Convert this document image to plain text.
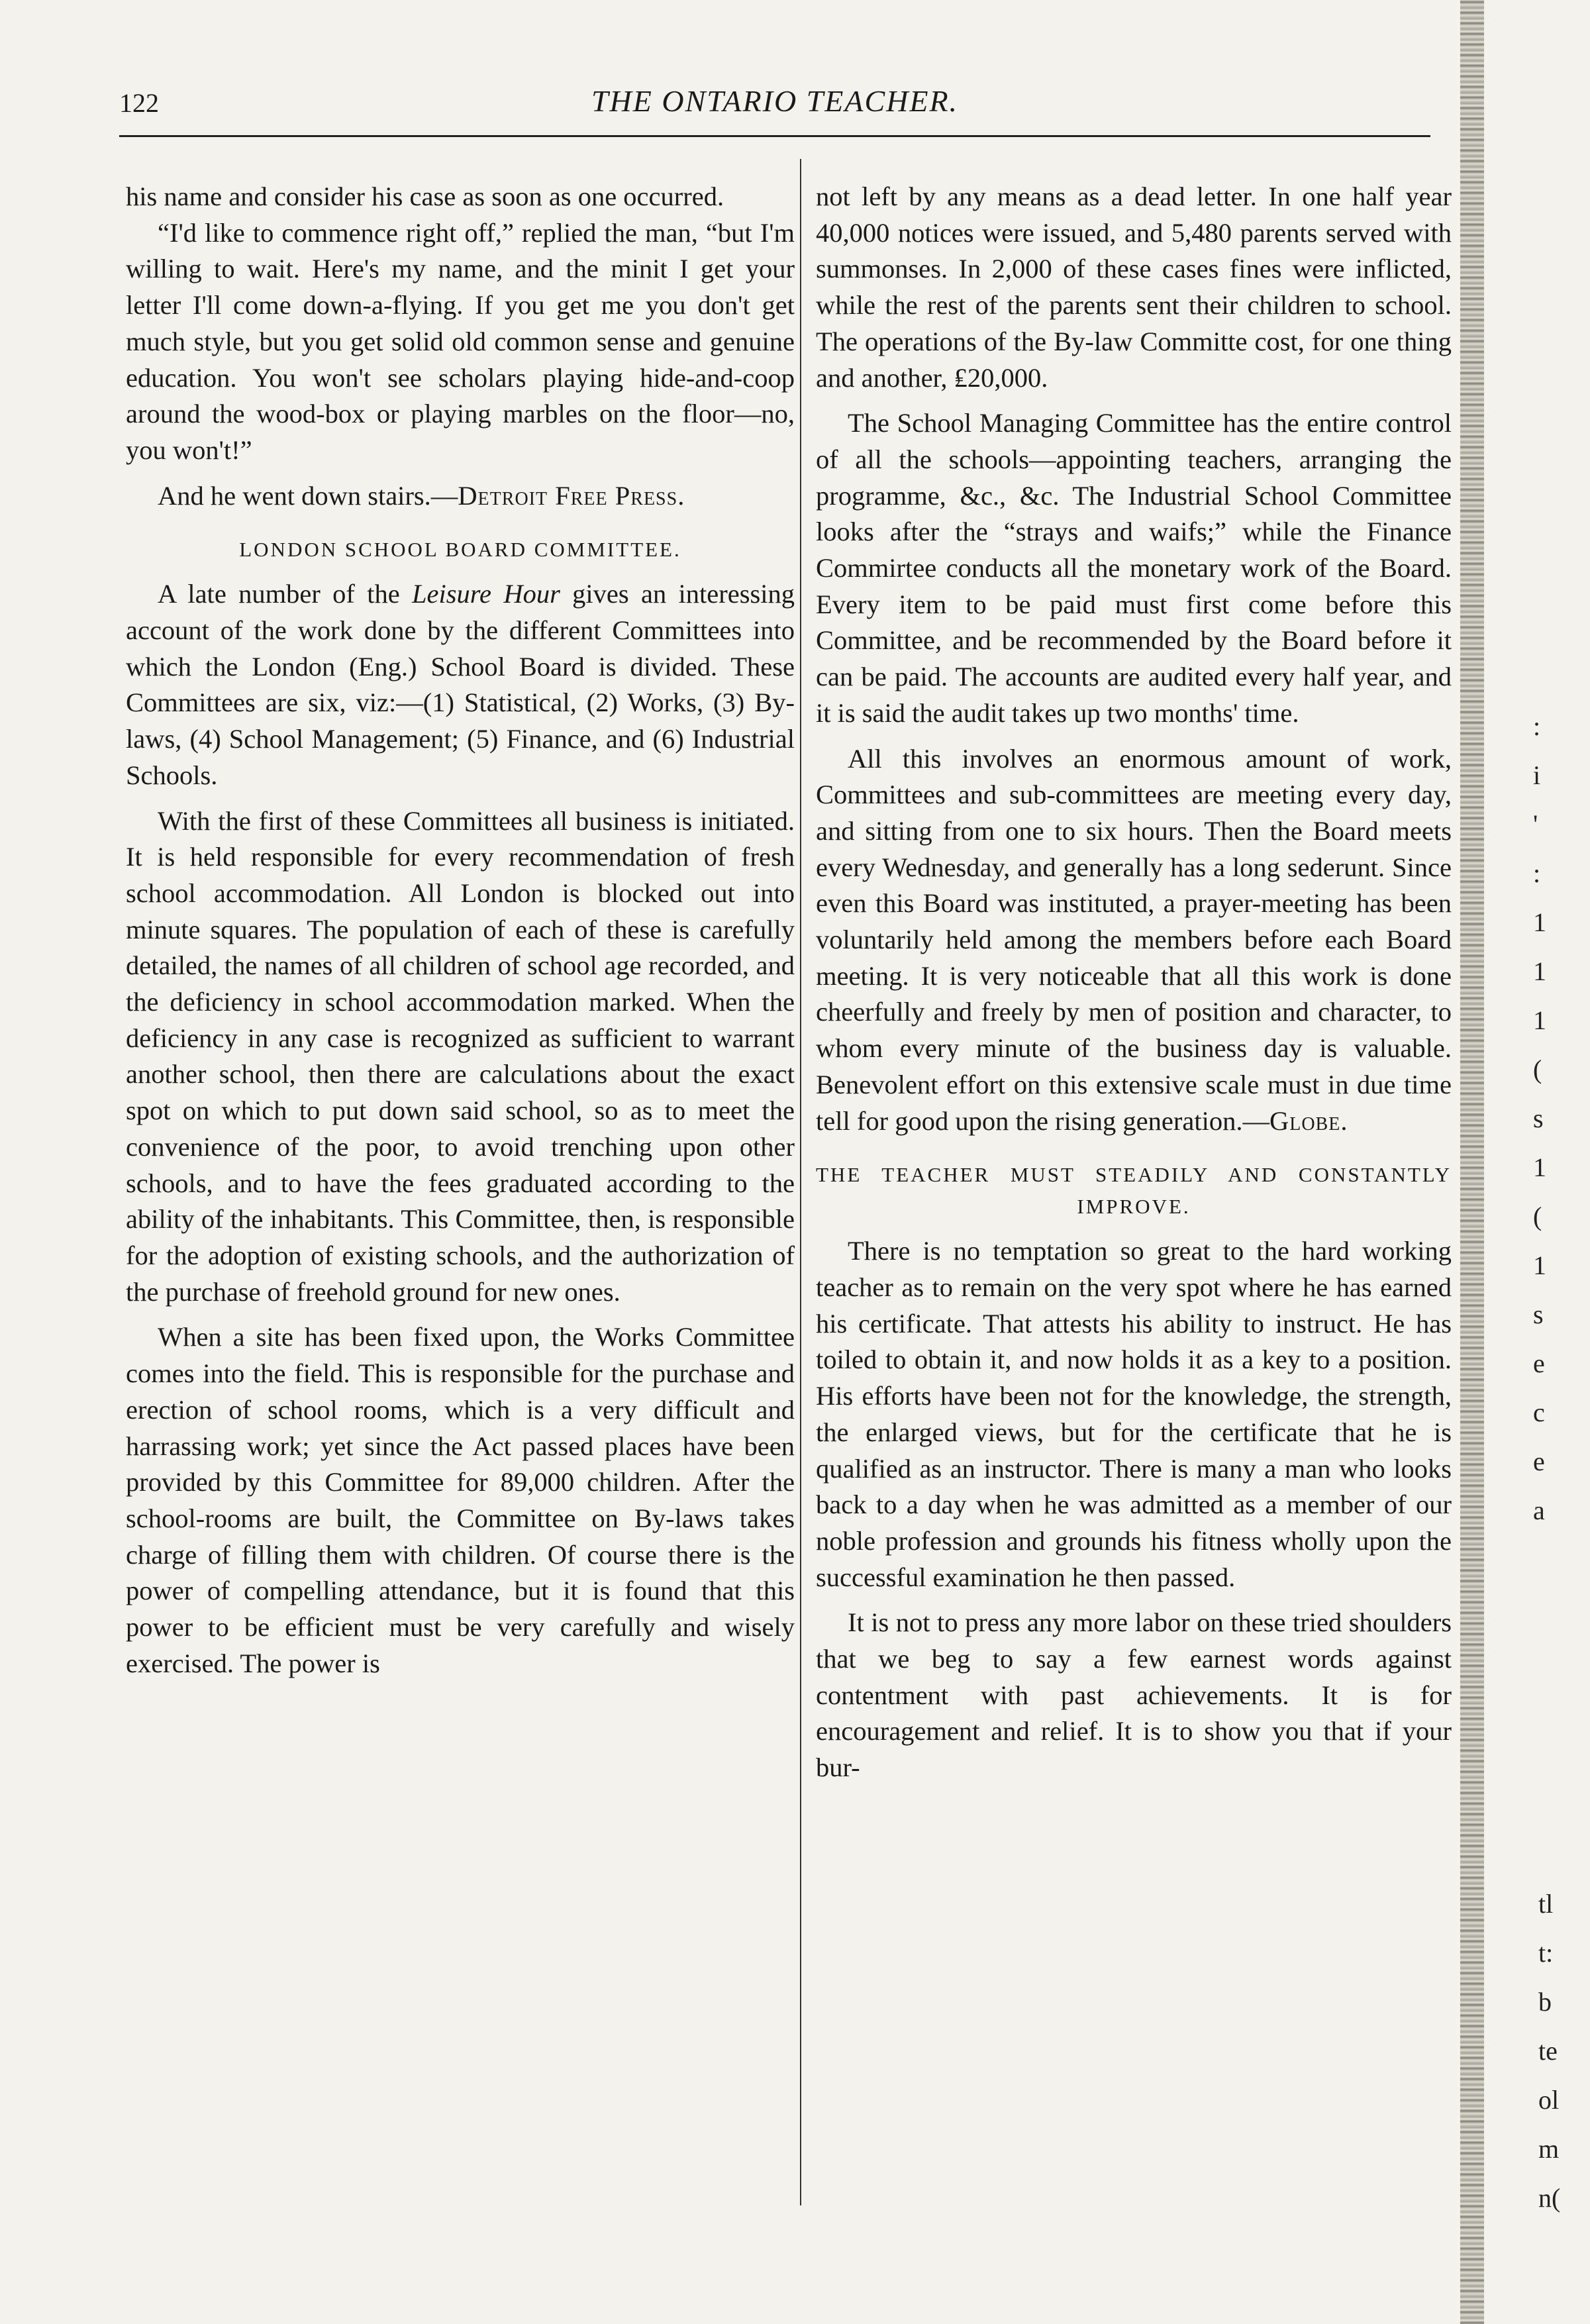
122	THE ONTARIO TEACHER.

his name and consider his case as soon as one occurred.

“I'd like to commence right off,” replied the man, “but I'm willing to wait. Here's my name, and the minit I get your letter I'll come down-a-flying. If you get me you don't get much style, but you get solid old common sense and genuine education. You won't see scholars playing hide-and-coop around the wood-box or playing marbles on the floor—no, you won't!”

And he went down stairs.—Detroit Free Press.

LONDON SCHOOL BOARD COMMITTEE.

A late number of the Leisure Hour gives an interessing account of the work done by the different Committees into which the London (Eng.) School Board is divided. These Committees are six, viz:—(1) Statistical, (2) Works, (3) By-laws, (4) School Management; (5) Finance, and (6) Industrial Schools.

With the first of these Committees all business is initiated. It is held responsible for every recommendation of fresh school accommodation. All London is blocked out into minute squares. The population of each of these is carefully detailed, the names of all children of school age recorded, and the deficiency in school accommodation marked. When the deficiency in any case is recognized as sufficient to warrant another school, then there are calculations about the exact spot on which to put down said school, so as to meet the convenience of the poor, to avoid trenching upon other schools, and to have the fees graduated according to the ability of the inhabitants. This Committee, then, is responsible for the adoption of existing schools, and the authorization of the purchase of freehold ground for new ones.

When a site has been fixed upon, the Works Committee comes into the field. This is responsible for the purchase and erection of school rooms, which is a very difficult and harrassing work; yet since the Act passed places have been provided by this Committee for 89,000 children. After the school-rooms are built, the Committee on By-laws takes charge of filling them with children. Of course there is the power of compelling attendance, but it is found that this power to be efficient must be very carefully and wisely exercised. The power is

not left by any means as a dead letter. In one half year 40,000 notices were issued, and 5,480 parents served with summonses. In 2,000 of these cases fines were inflicted, while the rest of the parents sent their children to school. The operations of the By-law Committe cost, for one thing and another, ₤20,000.

The School Managing Committee has the entire control of all the schools—appointing teachers, arranging the programme, &c., &c. The Industrial School Committee looks after the “strays and waifs;” while the Finance Commirtee conducts all the monetary work of the Board. Every item to be paid must first come before this Committee, and be recommended by the Board before it can be paid. The accounts are audited every half year, and it is said the audit takes up two months' time.

All this involves an enormous amount of work, Committees and sub-committees are meeting every day, and sitting from one to six hours. Then the Board meets every Wednesday, and generally has a long sederunt. Since even this Board was instituted, a prayer-meeting has been voluntarily held among the members before each Board meeting. It is very noticeable that all this work is done cheerfully and freely by men of position and character, to whom every minute of the business day is valuable. Benevolent effort on this extensive scale must in due time tell for good upon the rising generation.—Globe.

THE TEACHER MUST STEADILY AND CONSTANTLY IMPROVE.

There is no temptation so great to the hard working teacher as to remain on the very spot where he has earned his certificate. That attests his ability to instruct. He has toiled to obtain it, and now holds it as a key to a position. His efforts have been not for the knowledge, the strength, the enlarged views, but for the certificate that he is qualified as an instructor. There is many a man who looks back to a day when he was admitted as a member of our noble profession and grounds his fitness wholly upon the successful examination he then passed.

It is not to press any more labor on these tried shoulders that we beg to say a few earnest words against contentment with past achievements. It is for encouragement and relief. It is to show you that if your bur-

:
i
'
:
1
1
1
(
s
1
(
1
s
e
c
e
a
tl
t:
b
te
ol
m
n(
